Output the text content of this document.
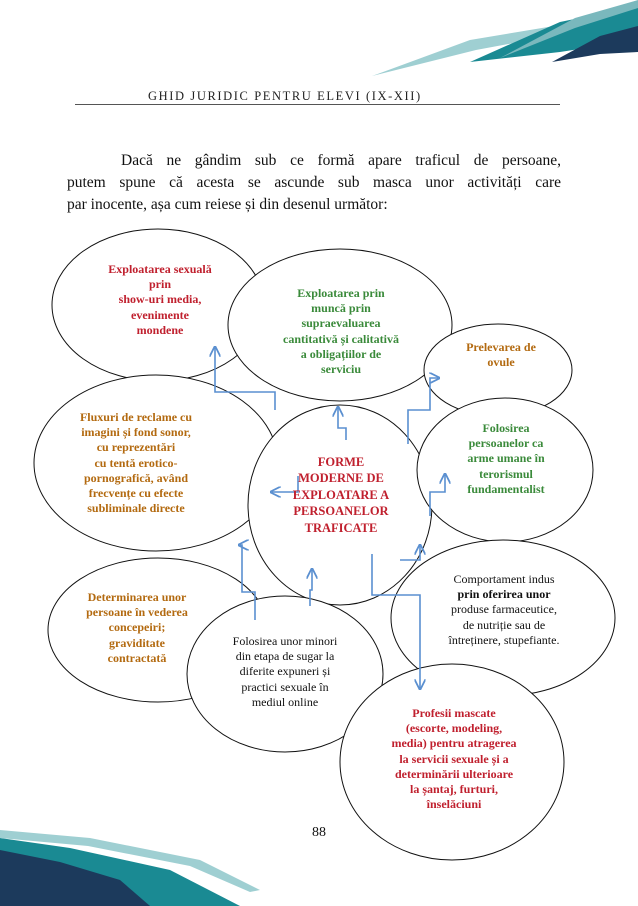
GHID JURIDIC PENTRU ELEVI (IX-XII)
Dacă ne gândim sub ce formă apare traficul de persoane,
putem spune că acesta se ascunde sub masca unor activități care
par inocente, așa cum reiese și din desenul următor:
Exploatarea sexuală
prin
show-uri media,
evenimente
mondene
Exploatarea prin
muncă prin
supraevaluarea
cantitativă și calitativă
a obligațiilor de
serviciu
Prelevarea de
ovule
Fluxuri de reclame cu
imagini și fond sonor,
cu reprezentări
cu tentă erotico-
pornografică, având
frecvențe cu efecte
subliminale directe
FORME
MODERNE DE
EXPLOATARE A
PERSOANELOR
TRAFICATE
Folosirea
persoanelor ca
arme umane în
terorismul
fundamentalist
Determinarea unor
persoane în vederea
concepeiri;
graviditate
contractată
Folosirea unor minori
din etapa de sugar la
diferite expuneri și
practici sexuale în
mediul online
Comportament indus
prin oferirea unor
produse farmaceutice,
de nutriție sau de
întreținere, stupefiante.
Profesii mascate
(escorte, modeling,
media) pentru atragerea
la servicii sexuale și a
determinării ulterioare
la șantaj, furturi,
înselăciuni
88
